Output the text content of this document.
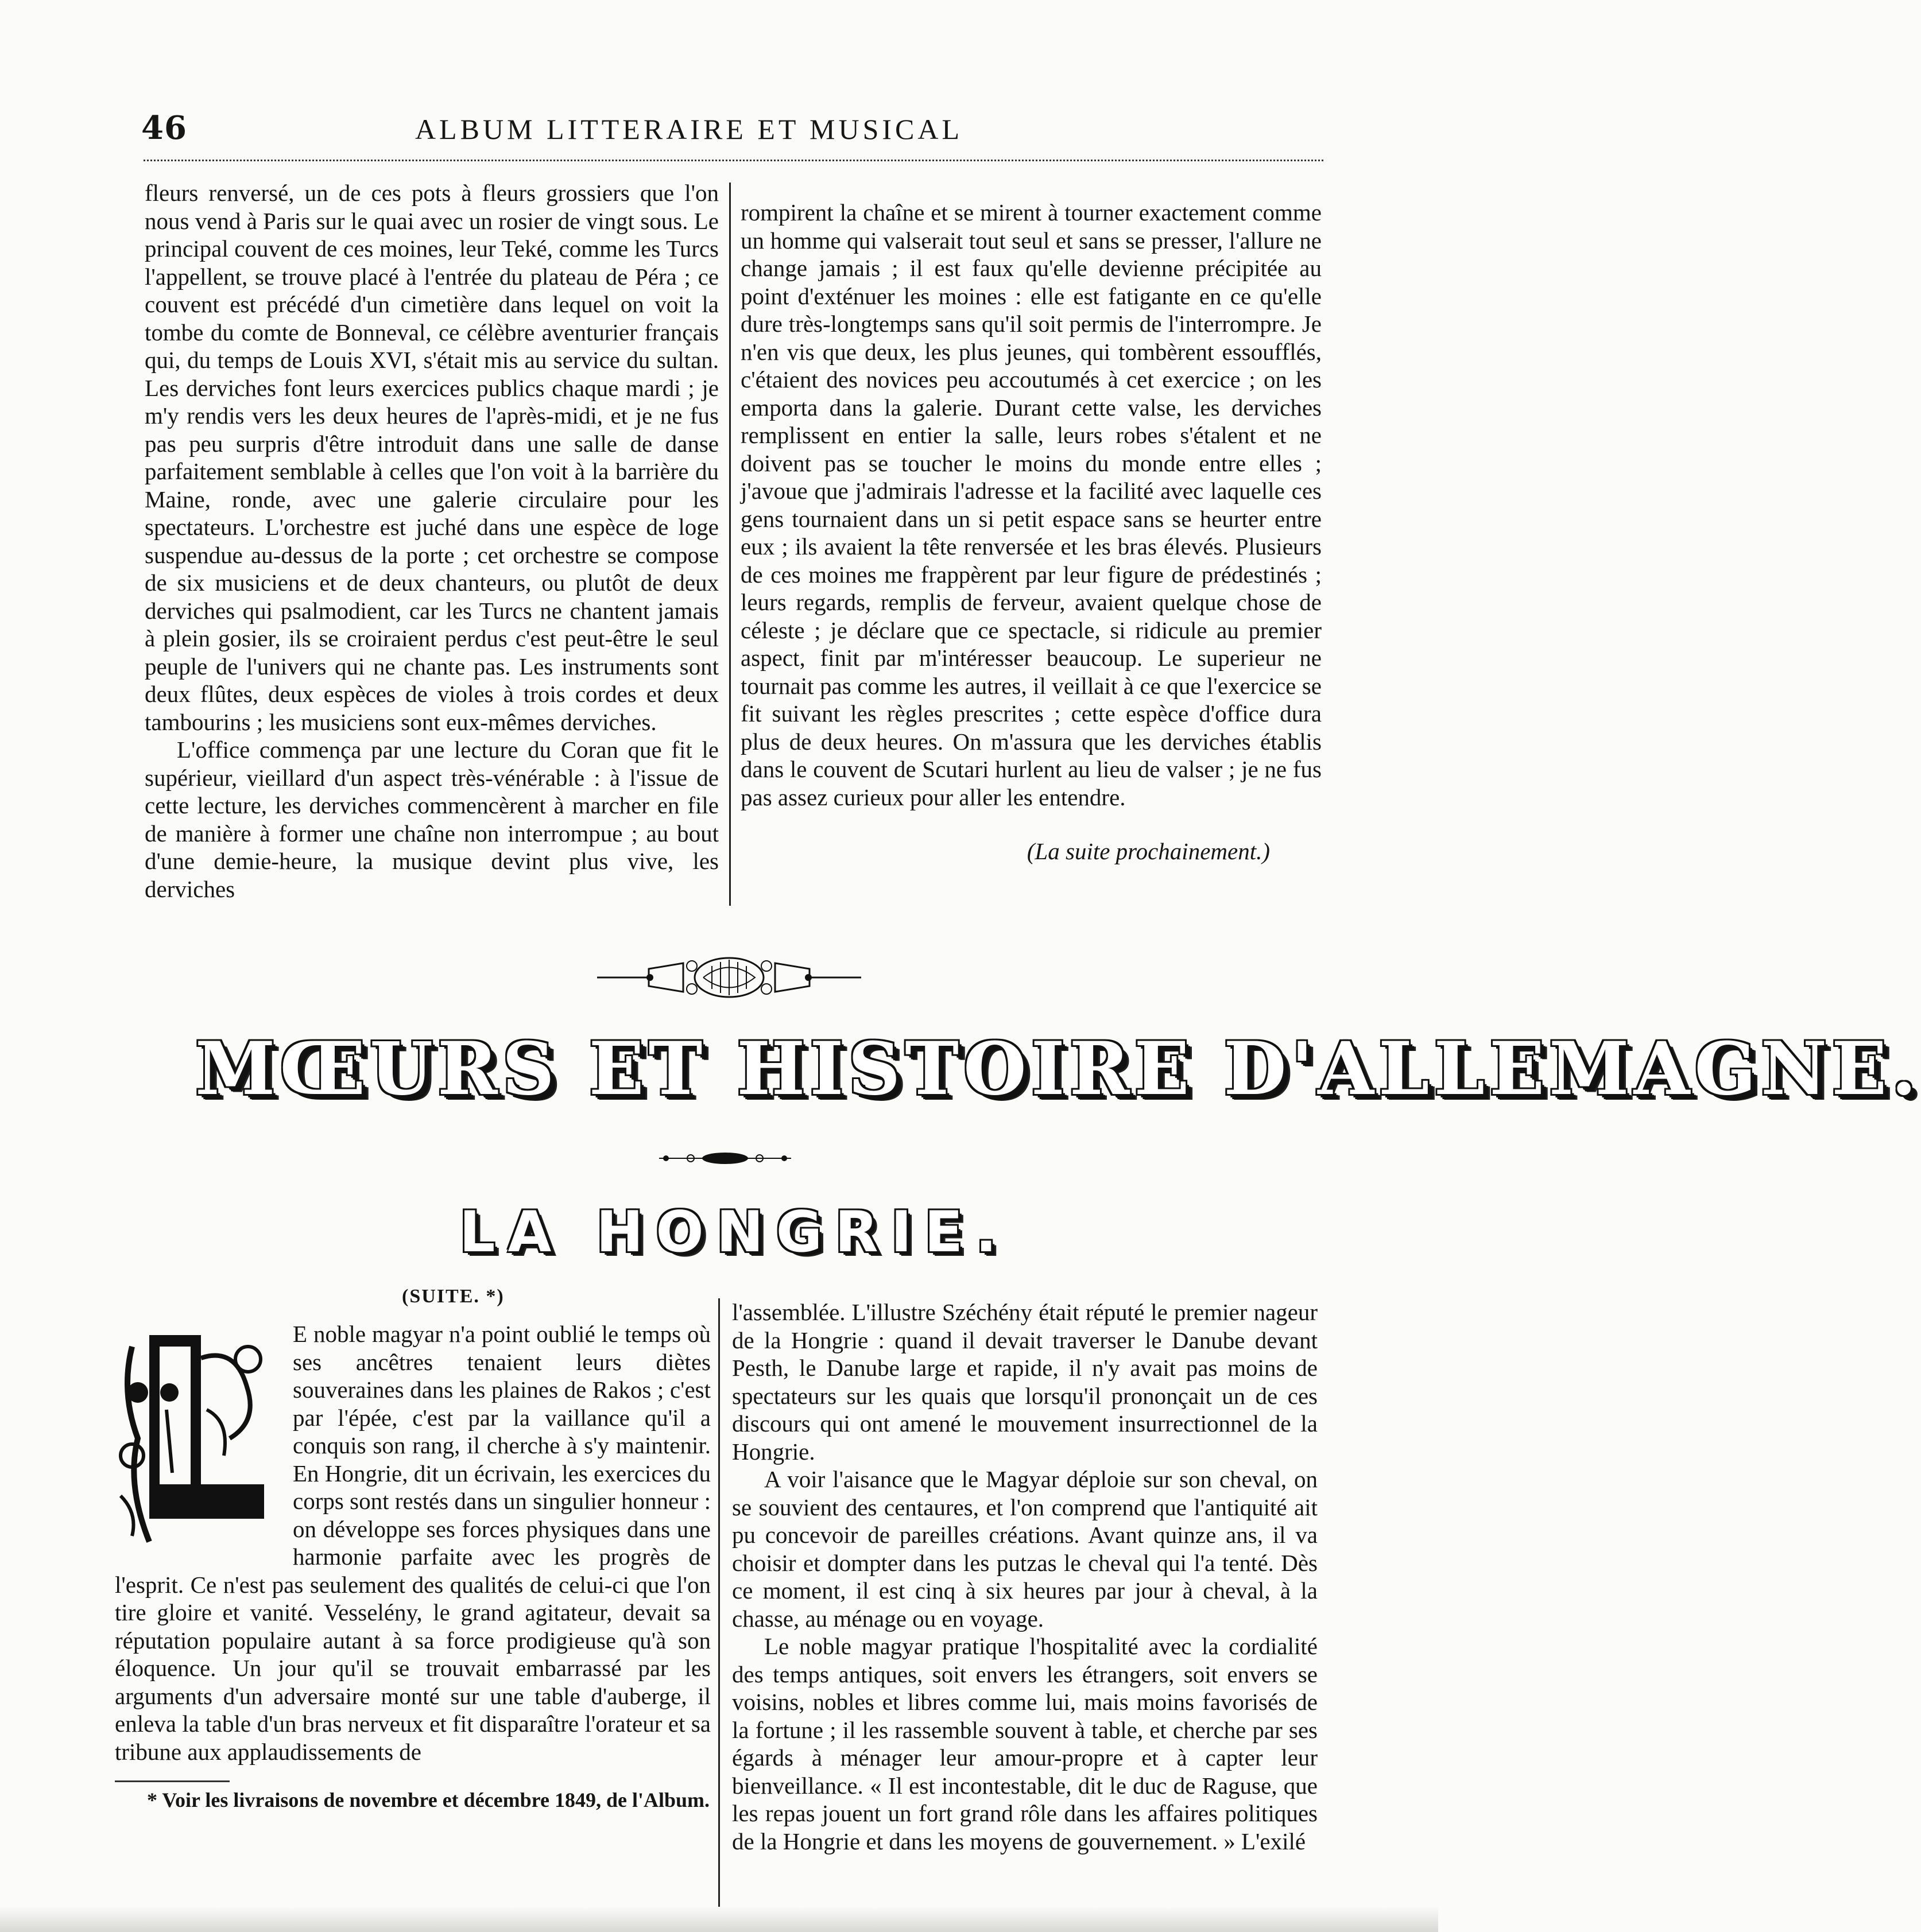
46	ALBUM LITTERAIRE ET MUSICAL

fleurs renversé, un de ces pots à fleurs grossiers que l'on nous vend à Paris sur le quai avec un rosier de vingt sous. Le principal couvent de ces moines, leur Teké, comme les Turcs l'appellent, se trouve placé à l'entrée du plateau de Péra ; ce couvent est précédé d'un cimetière dans lequel on voit la tombe du comte de Bonneval, ce célèbre aventurier français qui, du temps de Louis XVI, s'était mis au service du sultan. Les derviches font leurs exercices publics chaque mardi ; je m'y rendis vers les deux heures de l'après-midi, et je ne fus pas peu surpris d'être introduit dans une salle de danse parfaitement semblable à celles que l'on voit à la barrière du Maine, ronde, avec une galerie circulaire pour les spectateurs. L'orchestre est juché dans une espèce de loge suspendue au-dessus de la porte ; cet orchestre se compose de six musiciens et de deux chanteurs, ou plutôt de deux derviches qui psalmodient, car les Turcs ne chantent jamais à plein gosier, ils se croiraient perdus c'est peut-être le seul peuple de l'univers qui ne chante pas. Les instruments sont deux flûtes, deux espèces de violes à trois cordes et deux tambourins ; les musiciens sont eux-mêmes derviches.

L'office commença par une lecture du Coran que fit le supérieur, vieillard d'un aspect très-vénérable : à l'issue de cette lecture, les derviches commencèrent à marcher en file de manière à former une chaîne non interrompue ; au bout d'une demie-heure, la musique devint plus vive, les derviches

rompirent la chaîne et se mirent à tourner exactement comme un homme qui valserait tout seul et sans se presser, l'allure ne change jamais ; il est faux qu'elle devienne précipitée au point d'exténuer les moines : elle est fatigante en ce qu'elle dure très-longtemps sans qu'il soit permis de l'interrompre. Je n'en vis que deux, les plus jeunes, qui tombèrent essoufflés, c'étaient des novices peu accoutumés à cet exercice ; on les emporta dans la galerie. Durant cette valse, les derviches remplissent en entier la salle, leurs robes s'étalent et ne doivent pas se toucher le moins du monde entre elles ; j'avoue que j'admirais l'adresse et la facilité avec laquelle ces gens tournaient dans un si petit espace sans se heurter entre eux ; ils avaient la tête renversée et les bras élevés. Plusieurs de ces moines me frappèrent par leur figure de prédestinés ; leurs regards, remplis de ferveur, avaient quelque chose de céleste ; je déclare que ce spectacle, si ridicule au premier aspect, finit par m'intéresser beaucoup. Le superieur ne tournait pas comme les autres, il veillait à ce que l'exercice se fit suivant les règles prescrites ; cette espèce d'office dura plus de deux heures. On m'assura que les derviches établis dans le couvent de Scutari hurlent au lieu de valser ; je ne fus pas assez curieux pour aller les entendre.

(La suite prochainement.)

MŒURS ET HISTOIRE D'ALLEMAGNE.
LA HONGRIE.
(SUITE. *)

E noble magyar n'a point oublié le temps où ses ancêtres tenaient leurs diètes souveraines dans les plaines de Rakos ; c'est par l'épée, c'est par la vaillance qu'il a conquis son rang, il cherche à s'y maintenir. En Hongrie, dit un écrivain, les exercices du corps sont restés dans un singulier honneur : on développe ses forces physiques dans une harmonie parfaite avec les progrès de l'esprit. Ce n'est pas seulement des qualités de celui-ci que l'on tire gloire et vanité. Vesselény, le grand agitateur, devait sa réputation populaire autant à sa force prodigieuse qu'à son éloquence. Un jour qu'il se trouvait embarrassé par les arguments d'un adversaire monté sur une table d'auberge, il enleva la table d'un bras nerveux et fit disparaître l'orateur et sa tribune aux applaudissements de

* Voir les livraisons de novembre et décembre 1849, de l'Album.

l'assemblée. L'illustre Széchény était réputé le premier nageur de la Hongrie : quand il devait traverser le Danube devant Pesth, le Danube large et rapide, il n'y avait pas moins de spectateurs sur les quais que lorsqu'il prononçait un de ces discours qui ont amené le mouvement insurrectionnel de la Hongrie.

A voir l'aisance que le Magyar déploie sur son cheval, on se souvient des centaures, et l'on comprend que l'antiquité ait pu concevoir de pareilles créations. Avant quinze ans, il va choisir et dompter dans les putzas le cheval qui l'a tenté. Dès ce moment, il est cinq à six heures par jour à cheval, à la chasse, au ménage ou en voyage.

Le noble magyar pratique l'hospitalité avec la cordialité des temps antiques, soit envers les étrangers, soit envers se voisins, nobles et libres comme lui, mais moins favorisés de la fortune ; il les rassemble souvent à table, et cherche par ses égards à ménager leur amour-propre et à capter leur bienveillance. « Il est incontestable, dit le duc de Raguse, que les repas jouent un fort grand rôle dans les affaires politiques de la Hongrie et dans les moyens de gouvernement. » L'exilé
